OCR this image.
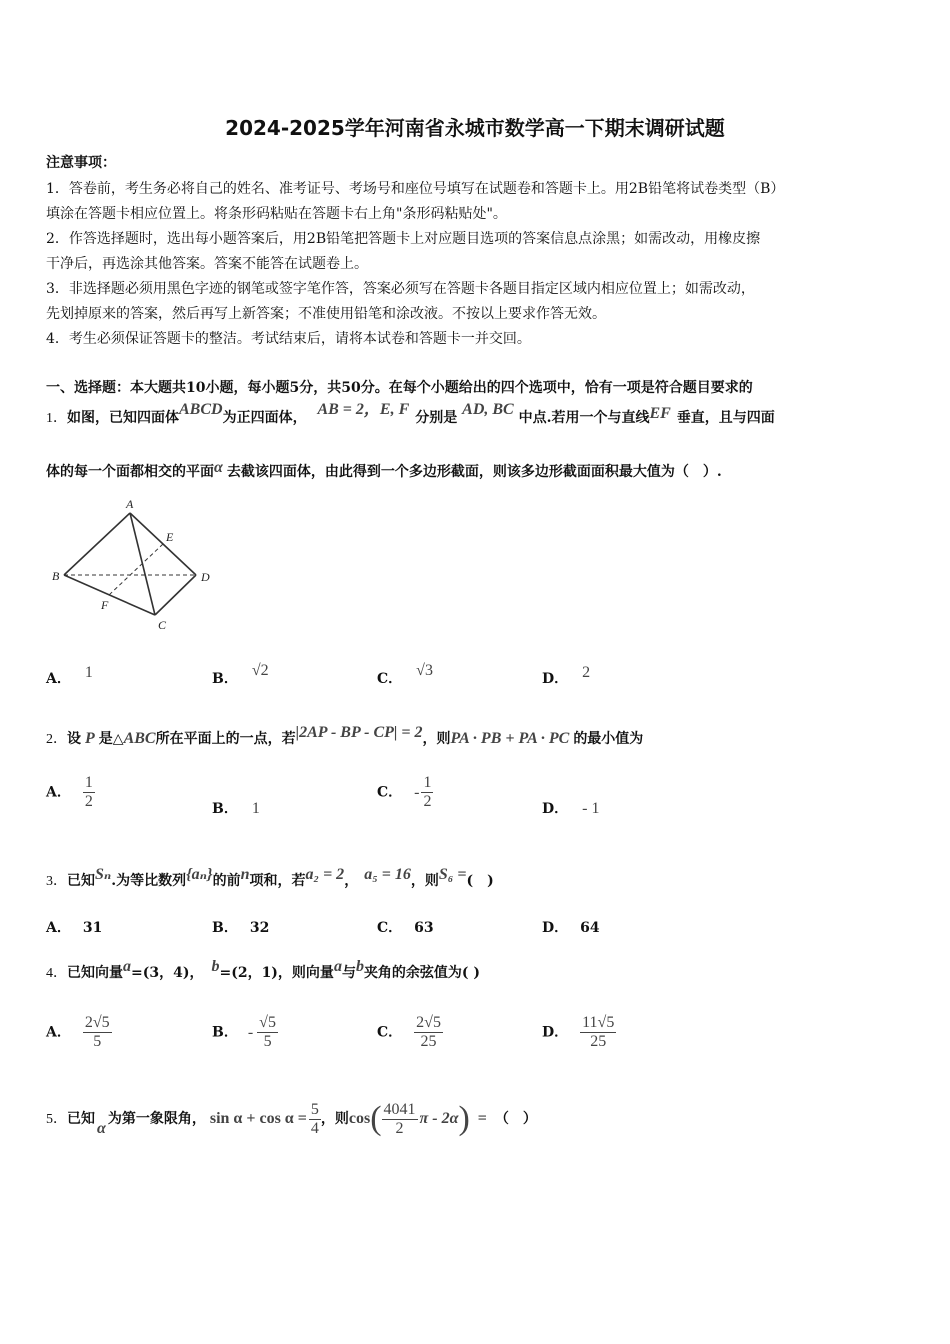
2024-2025学年河南省永城市数学高一下期末调研试题
注意事项：
1．答卷前，考生务必将自己的姓名、准考证号、考场号和座位号填写在试题卷和答题卡上。用2B铅笔将试卷类型（B）
填涂在答题卡相应位置上。将条形码粘贴在答题卡右上角"条形码粘贴处"。
2．作答选择题时，选出每小题答案后，用2B铅笔把答题卡上对应题目选项的答案信息点涂黑；如需改动，用橡皮擦
干净后，再选涂其他答案。答案不能答在试题卷上。
3．非选择题必须用黑色字迹的钢笔或签字笔作答，答案必须写在答题卡各题目指定区域内相应位置上；如需改动，
先划掉原来的答案，然后再写上新答案；不准使用铅笔和涂改液。不按以上要求作答无效。
4．考生必须保证答题卡的整洁。考试结束后，请将本试卷和答题卡一并交回。
一、选择题：本大题共10小题，每小题5分，共50分。在每个小题给出的四个选项中，恰有一项是符合题目要求的
1．如图，已知四面体ABCD为正四面体， AB = 2，E, F 分别是 AD, BC 中点.若用一个与直线EF 垂直，且与四面
体的每一个面都相交的平面α 去截该四面体，由此得到一个多边形截面，则该多边形截面面积最大值为（　）.
A
B
C
D
E
F
A． 1	B． √2	C． √3	D． 2
2．设 P 是△ABC所在平面上的一点，若|2AP - BP - CP| = 2，则PA · PB + PA · PC 的最小值为
A． $\frac{1}{2}$	B． 1
C． - $\frac{1}{2}$	D． - 1
3．已知Sₙ.为等比数列{aₙ}的前n项和，若a₂ = 2， a₅ = 16，则S₆ =(　)
A． 31	B． 32	C． 63	D． 64
4．已知向量a=(3，4)， b=(2，1)，则向量a与b夹角的余弦值为( )
A． $\frac{2√5}{5}$	B． - $\frac{√5}{5}$	C． $\frac{2√5}{25}$	D． $\frac{11√5}{25}$
5．已知α为第一象限角， $\sin \alpha + \cos \alpha = \frac{5}{4}$ ，则$\cos( \frac{4041}{2}$ π - 2α) = （　）
